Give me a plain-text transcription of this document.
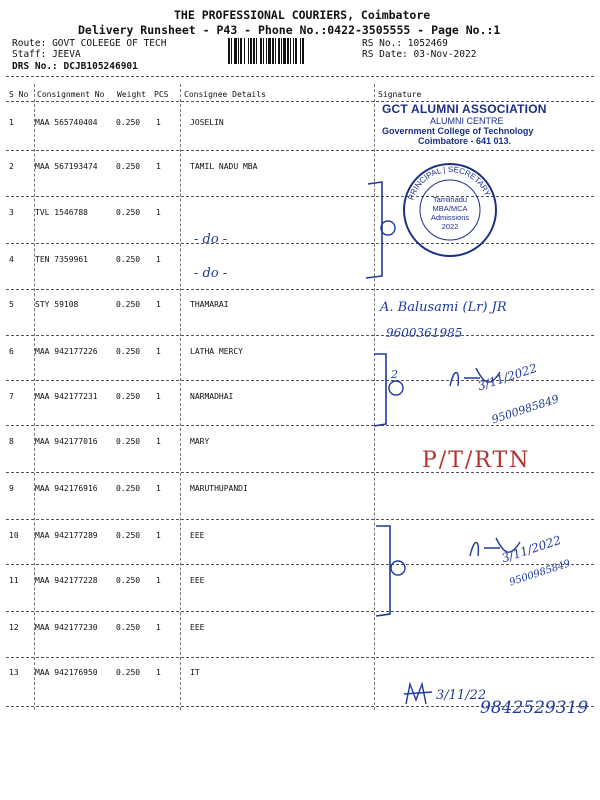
THE PROFESSIONAL COURIERS, Coimbatore
Delivery Runsheet - P43 - Phone No.:0422-3505555 - Page No.:1
Route: GOVT COLEEGE OF TECH
Staff: JEEVA
DRS No.: DCJB105246901
RS No.: 1052469
RS Date: 03-Nov-2022
S No Consignment No Weight PCS Consignee Details	Signature
1	MAA 565740404 0.250 1	JOSELIN
2	MAA 567193474 0.250 1	TAMIL NADU MBA
3	TVL 1546788	0.250 1
4	TEN 7359961	0.250 1
5	STY 59108	0.250 1	THAMARAI
6	MAA 942177226 0.250 1	LATHA MERCY
7	MAA 942177231 0.250 1	NARMADHAI
8	MAA 942177016 0.250 1	MARY
9	MAA 942176916 0.250 1	MARUTHUPANDI
10 MAA 942177289 0.250 1	EEE
11 MAA 942177228 0.250 1	EEE
12 MAA 942177230 0.250 1	EEE
13 MAA 942176950 0.250 1	IT
GCT ALUMNI ASSOCIATION
ALUMNI CENTRE
Government College of Technology
Coimbatore - 641 013.
PRINCIPAL | SECRETARY
Tamilnadu
MBA/MCA
Admissions
2022
2
- do -
- do -
A. Balusami (Lr) JR
9600361985
3/11/2022
9500985849
P/T/RTN
3/11/2022
9500985849
3/11/22
9842529319
